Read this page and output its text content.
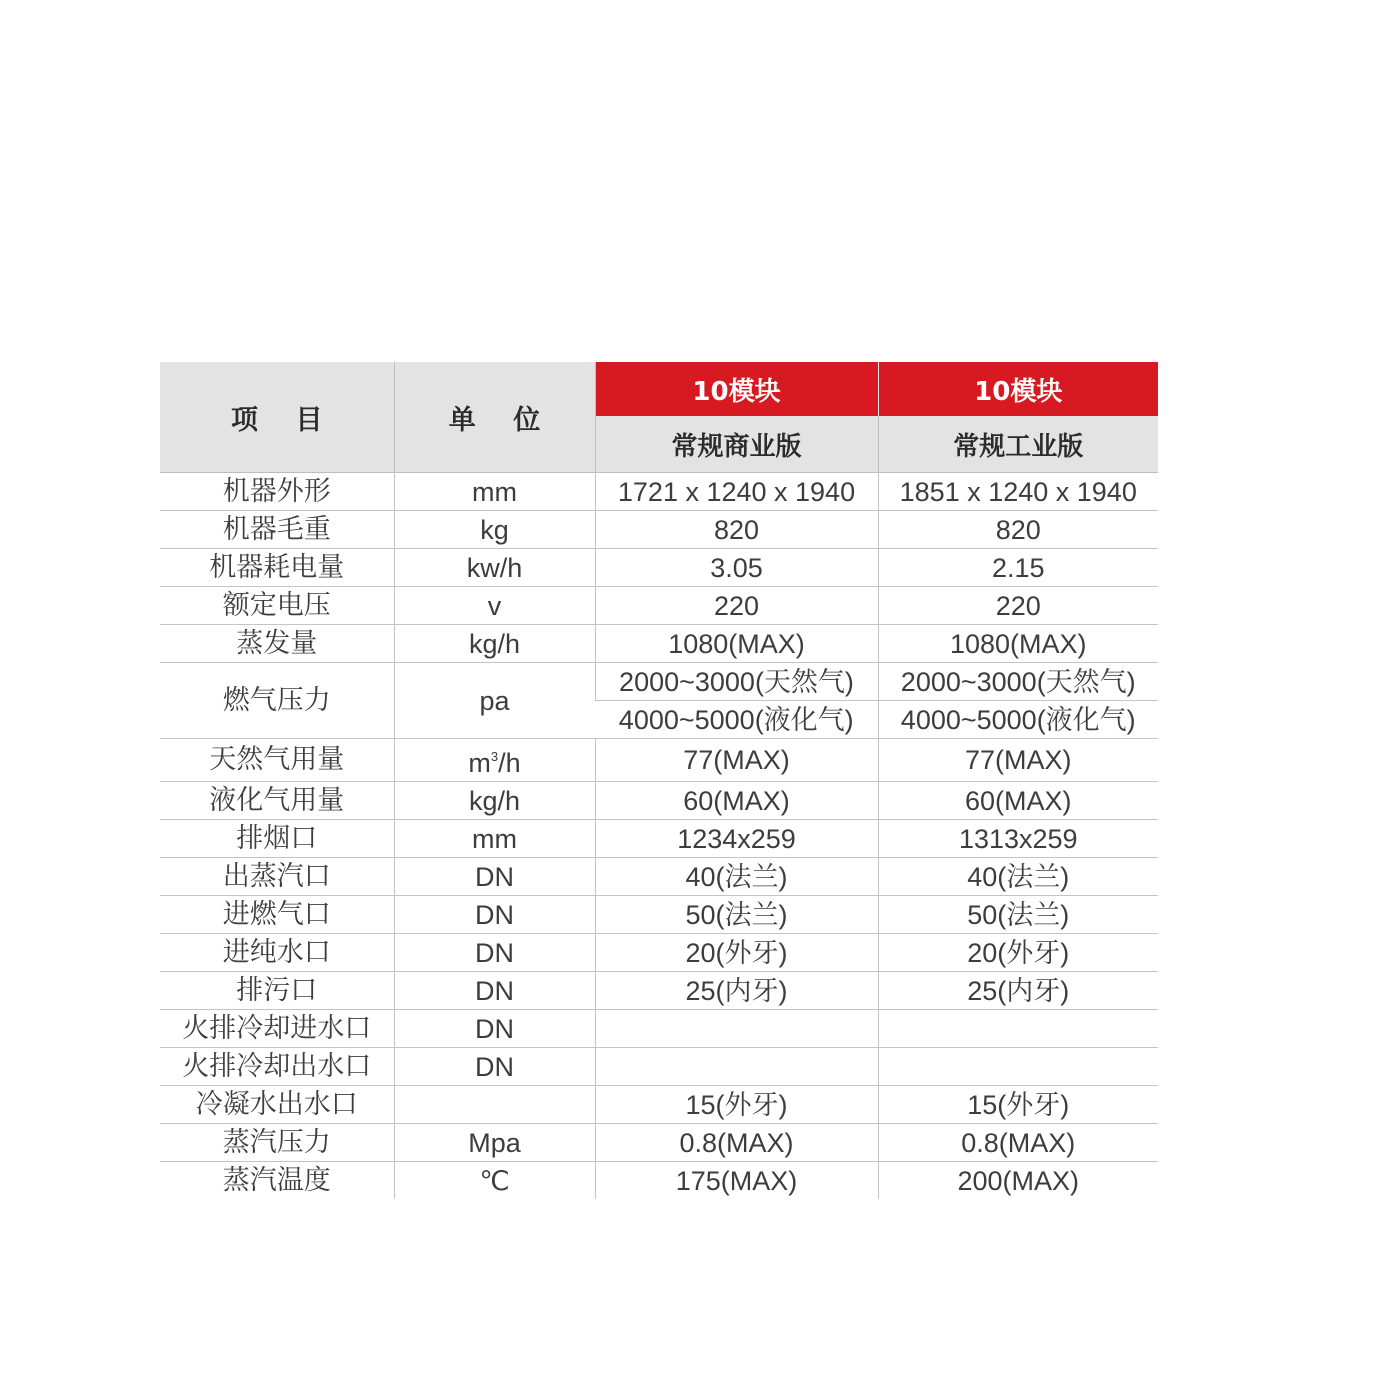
项 目	单 位	10模块	10模块
		常规商业版	常规工业版
机器外形	mm	1721 x 1240 x 1940	1851 x 1240 x 1940
机器毛重	kg	820	820
机器耗电量	kw/h	3.05	2.15
额定电压	v	220	220
蒸发量	kg/h	1080(MAX)	1080(MAX)
燃气压力	pa	2000~3000(天然气)	2000~3000(天然气)
		4000~5000(液化气)	4000~5000(液化气)
天然气用量	$m^3/h$	77(MAX)	77(MAX)
液化气用量	kg/h	60(MAX)	60(MAX)
排烟口	mm	1234x259	1313x259
出蒸汽口	DN	40(法兰)	40(法兰)
进燃气口	DN	50(法兰)	50(法兰)
进纯水口	DN	20(外牙)	20(外牙)
排污口	DN	25(内牙)	25(内牙)
火排冷却进水口	DN		
火排冷却出水口	DN		
冷凝水出水口		15(外牙)	15(外牙)
蒸汽压力	Mpa	0.8(MAX)	0.8(MAX)
蒸汽温度	℃	175(MAX)	200(MAX)
